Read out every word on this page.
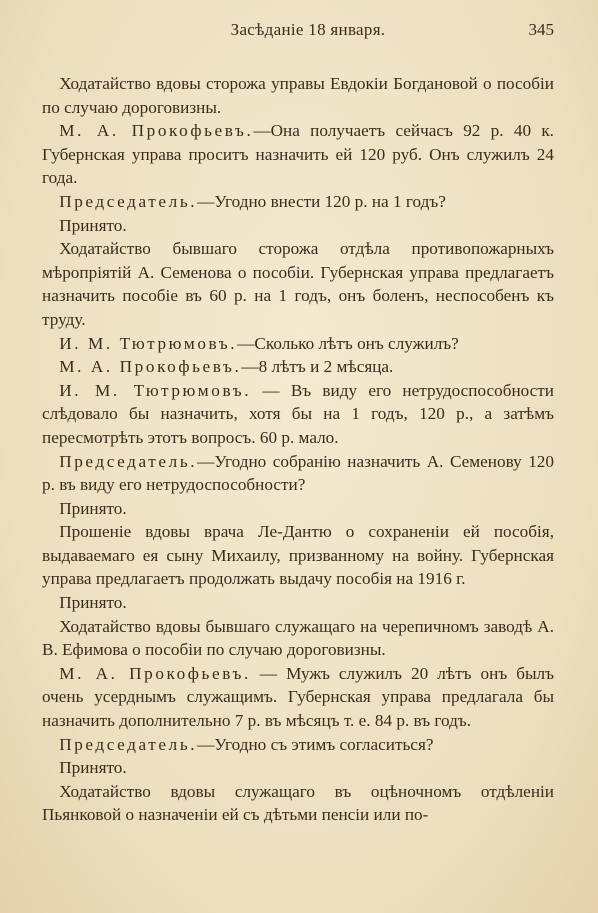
Засѣданіе 18 января.	345

 Ходатайство вдовы сторожа управы Евдокіи Богдановой о пособіи по случаю дороговизны.

 М. А. Прокофьевъ.—Она получаетъ сейчасъ 92 р. 40 к. Губернская управа проситъ назначить ей 120 руб. Онъ служилъ 24 года.

 Председатель.—Угодно внести 120 р. на 1 годъ?

 Принято.

 Ходатайство бывшаго сторожа отдѣла противопожарныхъ мѣропріятій А. Семенова о пособіи. Губернская управа предлагаетъ назначить пособіе въ 60 р. на 1 годъ, онъ боленъ, неспособенъ къ труду.

 И. М. Тютрюмовъ.—Сколько лѣтъ онъ служилъ?

 М. А. Прокофьевъ.—8 лѣтъ и 2 мѣсяца.

 И. М. Тютрюмовъ. — Въ виду его нетрудоспособности слѣдовало бы назначить, хотя бы на 1 годъ, 120 р., а затѣмъ пересмотрѣть этотъ вопросъ. 60 р. мало.

 Председатель.—Угодно собранію назначить А. Семенову 120 р. въ виду его нетрудоспособности?

 Принято.

 Прошеніе вдовы врача Ле-Дантю о сохраненіи ей пособія, выдаваемаго ея сыну Михаилу, призванному на войну. Губернская управа предлагаетъ продолжать выдачу пособія на 1916 г.

 Принято.

 Ходатайство вдовы бывшаго служащаго на черепичномъ заводѣ А. В. Ефимова о пособіи по случаю дороговизны.

 М. А. Прокофьевъ. — Мужъ служилъ 20 лѣтъ онъ былъ очень усерднымъ служащимъ. Губернская управа предлагала бы назначить дополнительно 7 р. въ мѣсяцъ т. е. 84 р. въ годъ.

 Председатель.—Угодно съ этимъ согласиться?

 Принято.

 Ходатайство вдовы служащаго въ оцѣночномъ отдѣленіи Пьянковой о назначеніи ей съ дѣтьми пенсіи или по-
